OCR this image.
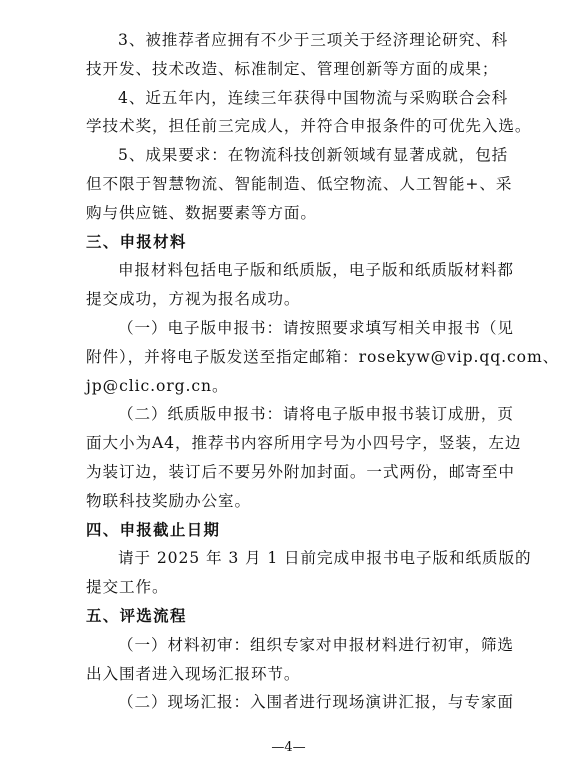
3、被推荐者应拥有不少于三项关于经济理论研究、科
技开发、技术改造、标准制定、管理创新等方面的成果；
4、近五年内，连续三年获得中国物流与采购联合会科
学技术奖，担任前三完成人，并符合申报条件的可优先入选。
5、成果要求：在物流科技创新领域有显著成就，包括
但不限于智慧物流、智能制造、低空物流、人工智能+、采
购与供应链、数据要素等方面。
三、申报材料
申报材料包括电子版和纸质版，电子版和纸质版材料都
提交成功，方视为报名成功。
（一）电子版申报书：请按照要求填写相关申报书（见
附件），并将电子版发送至指定邮箱：rosekyw@vip.qq.com、
jp@clic.org.cn。
（二）纸质版申报书：请将电子版申报书装订成册，页
面大小为A4，推荐书内容所用字号为小四号字，竖装，左边
为装订边，装订后不要另外附加封面。一式两份，邮寄至中
物联科技奖励办公室。
四、申报截止日期
请于 2025 年 3 月 1 日前完成申报书电子版和纸质版的
提交工作。
五、评选流程
（一）材料初审：组织专家对申报材料进行初审，筛选
出入围者进入现场汇报环节。
（二）现场汇报：入围者进行现场演讲汇报，与专家面
—4—
